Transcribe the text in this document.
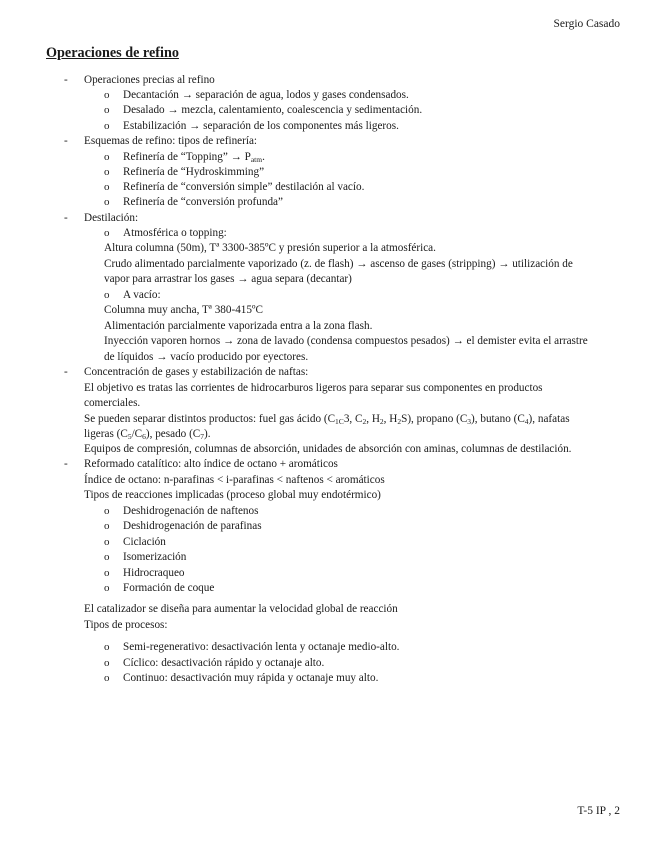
Sergio Casado
Operaciones de refino
- Operaciones precias al refino
o Decantación → separación de agua, lodos y gases condensados.
o Desalado → mezcla, calentamiento, coalescencia y sedimentación.
o Estabilización → separación de los componentes más ligeros.
- Esquemas de refino: tipos de refinería:
o Refinería de “Topping” → $P_{atm}$.
o Refinería de “Hydroskimming”
o Refinería de “conversión simple” destilación al vacío.
o Refinería de “conversión profunda”
- Destilación:
o Atmosférica o topping:
Altura columna (50m), Tª 3300-385ºC y presión superior a la atmosférica.
Crudo alimentado parcialmente vaporizado (z. de flash) → ascenso de gases (stripping) → utilización de
vapor para arrastrar los gases → agua separa (decantar)
o A vacío:
Columna muy ancha, Tª 380-415ºC
Alimentación parcialmente vaporizada entra a la zona flash.
Inyección vaporen hornos → zona de lavado (condensa compuestos pesados) → el demister evita el arrastre
de líquidos → vacío producido por eyectores.
- Concentración de gases y estabilización de naftas:
El objetivo es tratas las corrientes de hidrocarburos ligeros para separar sus componentes en productos
comerciales.
Se pueden separar distintos productos: fuel gas ácido ($C_{1C}3$, $C_2$, $H_2$, $H_2S$), propano $(C_3)$, butano $(C_4)$, nafatas
ligeras $(C_5/C_6)$, pesado $(C_7)$.
Equipos de compresión, columnas de absorción, unidades de absorción con aminas, columnas de destilación.
- Reformado catalítico: alto índice de octano + aromáticos
Índice de octano: n-parafinas < i-parafinas < naftenos < aromáticos
Tipos de reacciones implicadas (proceso global muy endotérmico)
o Deshidrogenación de naftenos
o Deshidrogenación de parafinas
o Ciclación
o Isomerización
o Hidrocraqueo
o Formación de coque
El catalizador se diseña para aumentar la velocidad global de reacción
Tipos de procesos:
o Semi-regenerativo: desactivación lenta y octanaje medio-alto.
o Cíclico: desactivación rápido y octanaje alto.
o Continuo: desactivación muy rápida y octanaje muy alto.
T-5 IP , 2
